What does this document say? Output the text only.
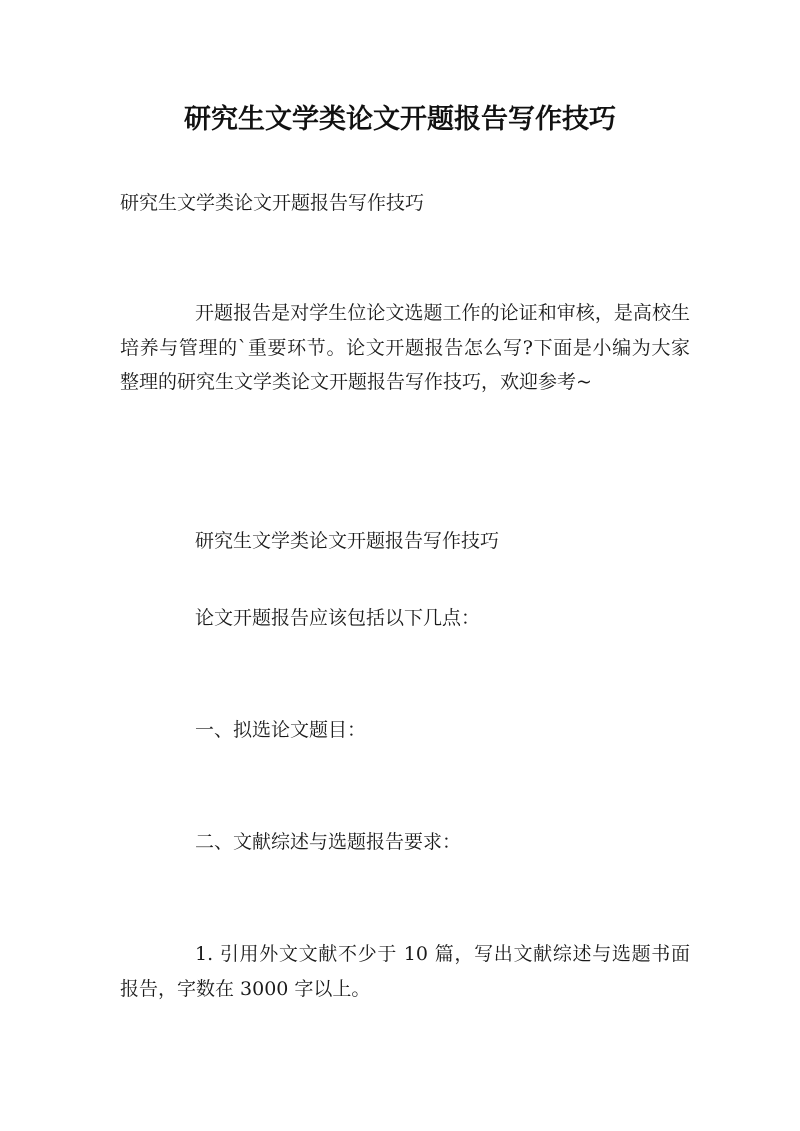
研究生文学类论文开题报告写作技巧

研究生文学类论文开题报告写作技巧

开题报告是对学生位论文选题工作的论证和审核，是高校生培养与管理的`重要环节。论文开题报告怎么写?下面是小编为大家整理的研究生文学类论文开题报告写作技巧，欢迎参考~

研究生文学类论文开题报告写作技巧

论文开题报告应该包括以下几点：

一、拟选论文题目：

二、文献综述与选题报告要求：

1. 引用外文文献不少于 10 篇，写出文献综述与选题书面报告，字数在 3000 字以上。
